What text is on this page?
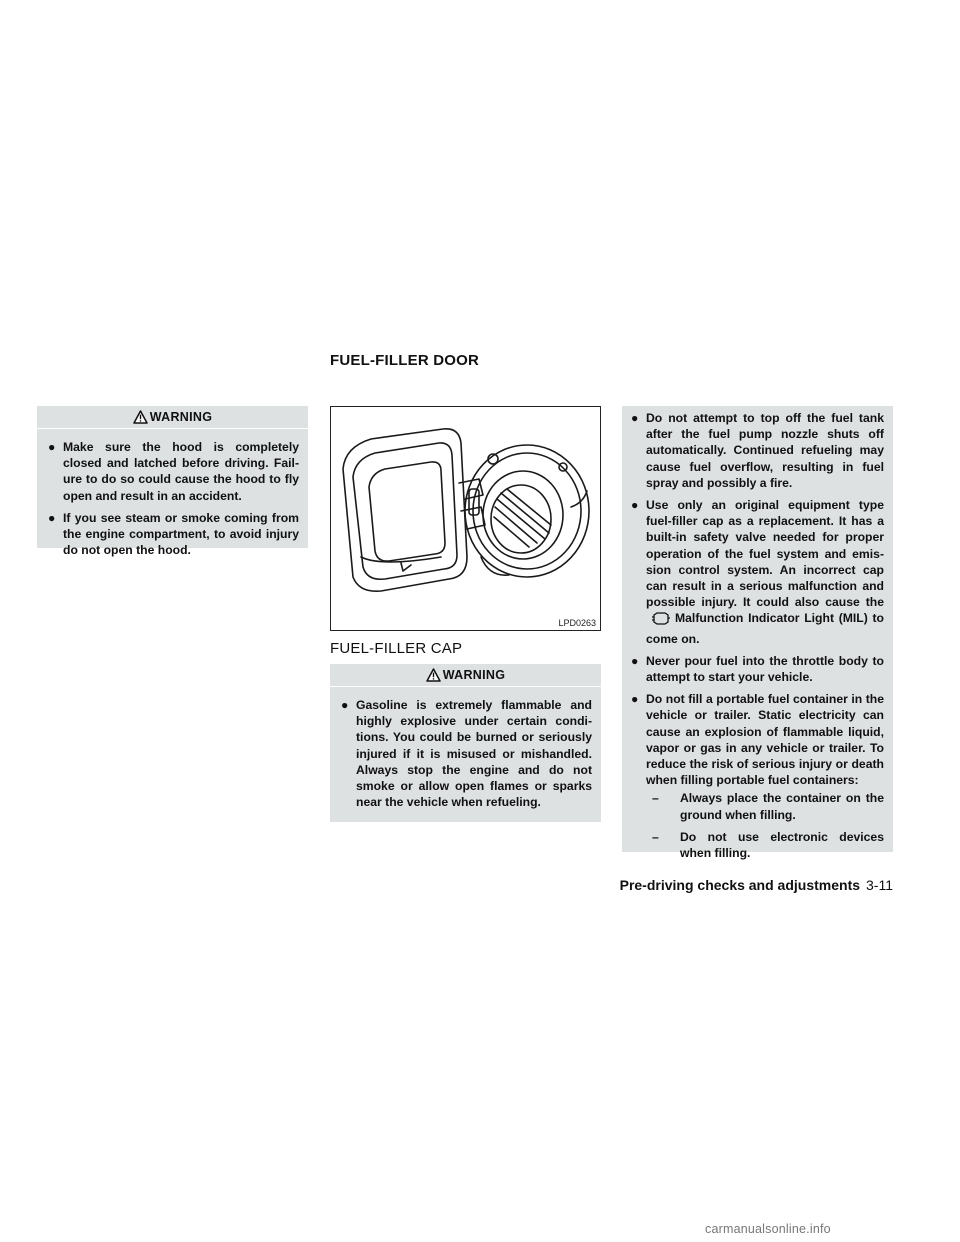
FUEL-FILLER DOOR
WARNING
● Make sure the hood is completely closed and latched before driving. Failure to do so could cause the hood to fly open and result in an accident.
● If you see steam or smoke coming from the engine compartment, to avoid injury do not open the hood.
LPD0263
FUEL-FILLER CAP
WARNING
● Gasoline is extremely flammable and highly explosive under certain conditions. You could be burned or seriously injured if it is misused or mishandled. Always stop the engine and do not smoke or allow open flames or sparks near the vehicle when refueling.
● Do not attempt to top off the fuel tank after the fuel pump nozzle shuts off automatically. Continued refueling may cause fuel overflow, resulting in fuel spray and possibly a fire.
● Use only an original equipment type fuel-filler cap as a replacement. It has a built-in safety valve needed for proper operation of the fuel system and emission control system. An incorrect cap can result in a serious malfunction and possible injury. It could also cause theMalfunction Indicator Light (MIL) to come on.
● Never pour fuel into the throttle body to attempt to start your vehicle.
● Do not fill a portable fuel container in the vehicle or trailer. Static electricity can cause an explosion of flammable liquid, vapor or gas in any vehicle or trailer. To reduce the risk of serious injury or death when filling portable fuel containers:
– Always place the container on the ground when filling.
– Do not use electronic devices when filling.
Pre-driving checks and adjustments 3-11
carmanualsonline.info
